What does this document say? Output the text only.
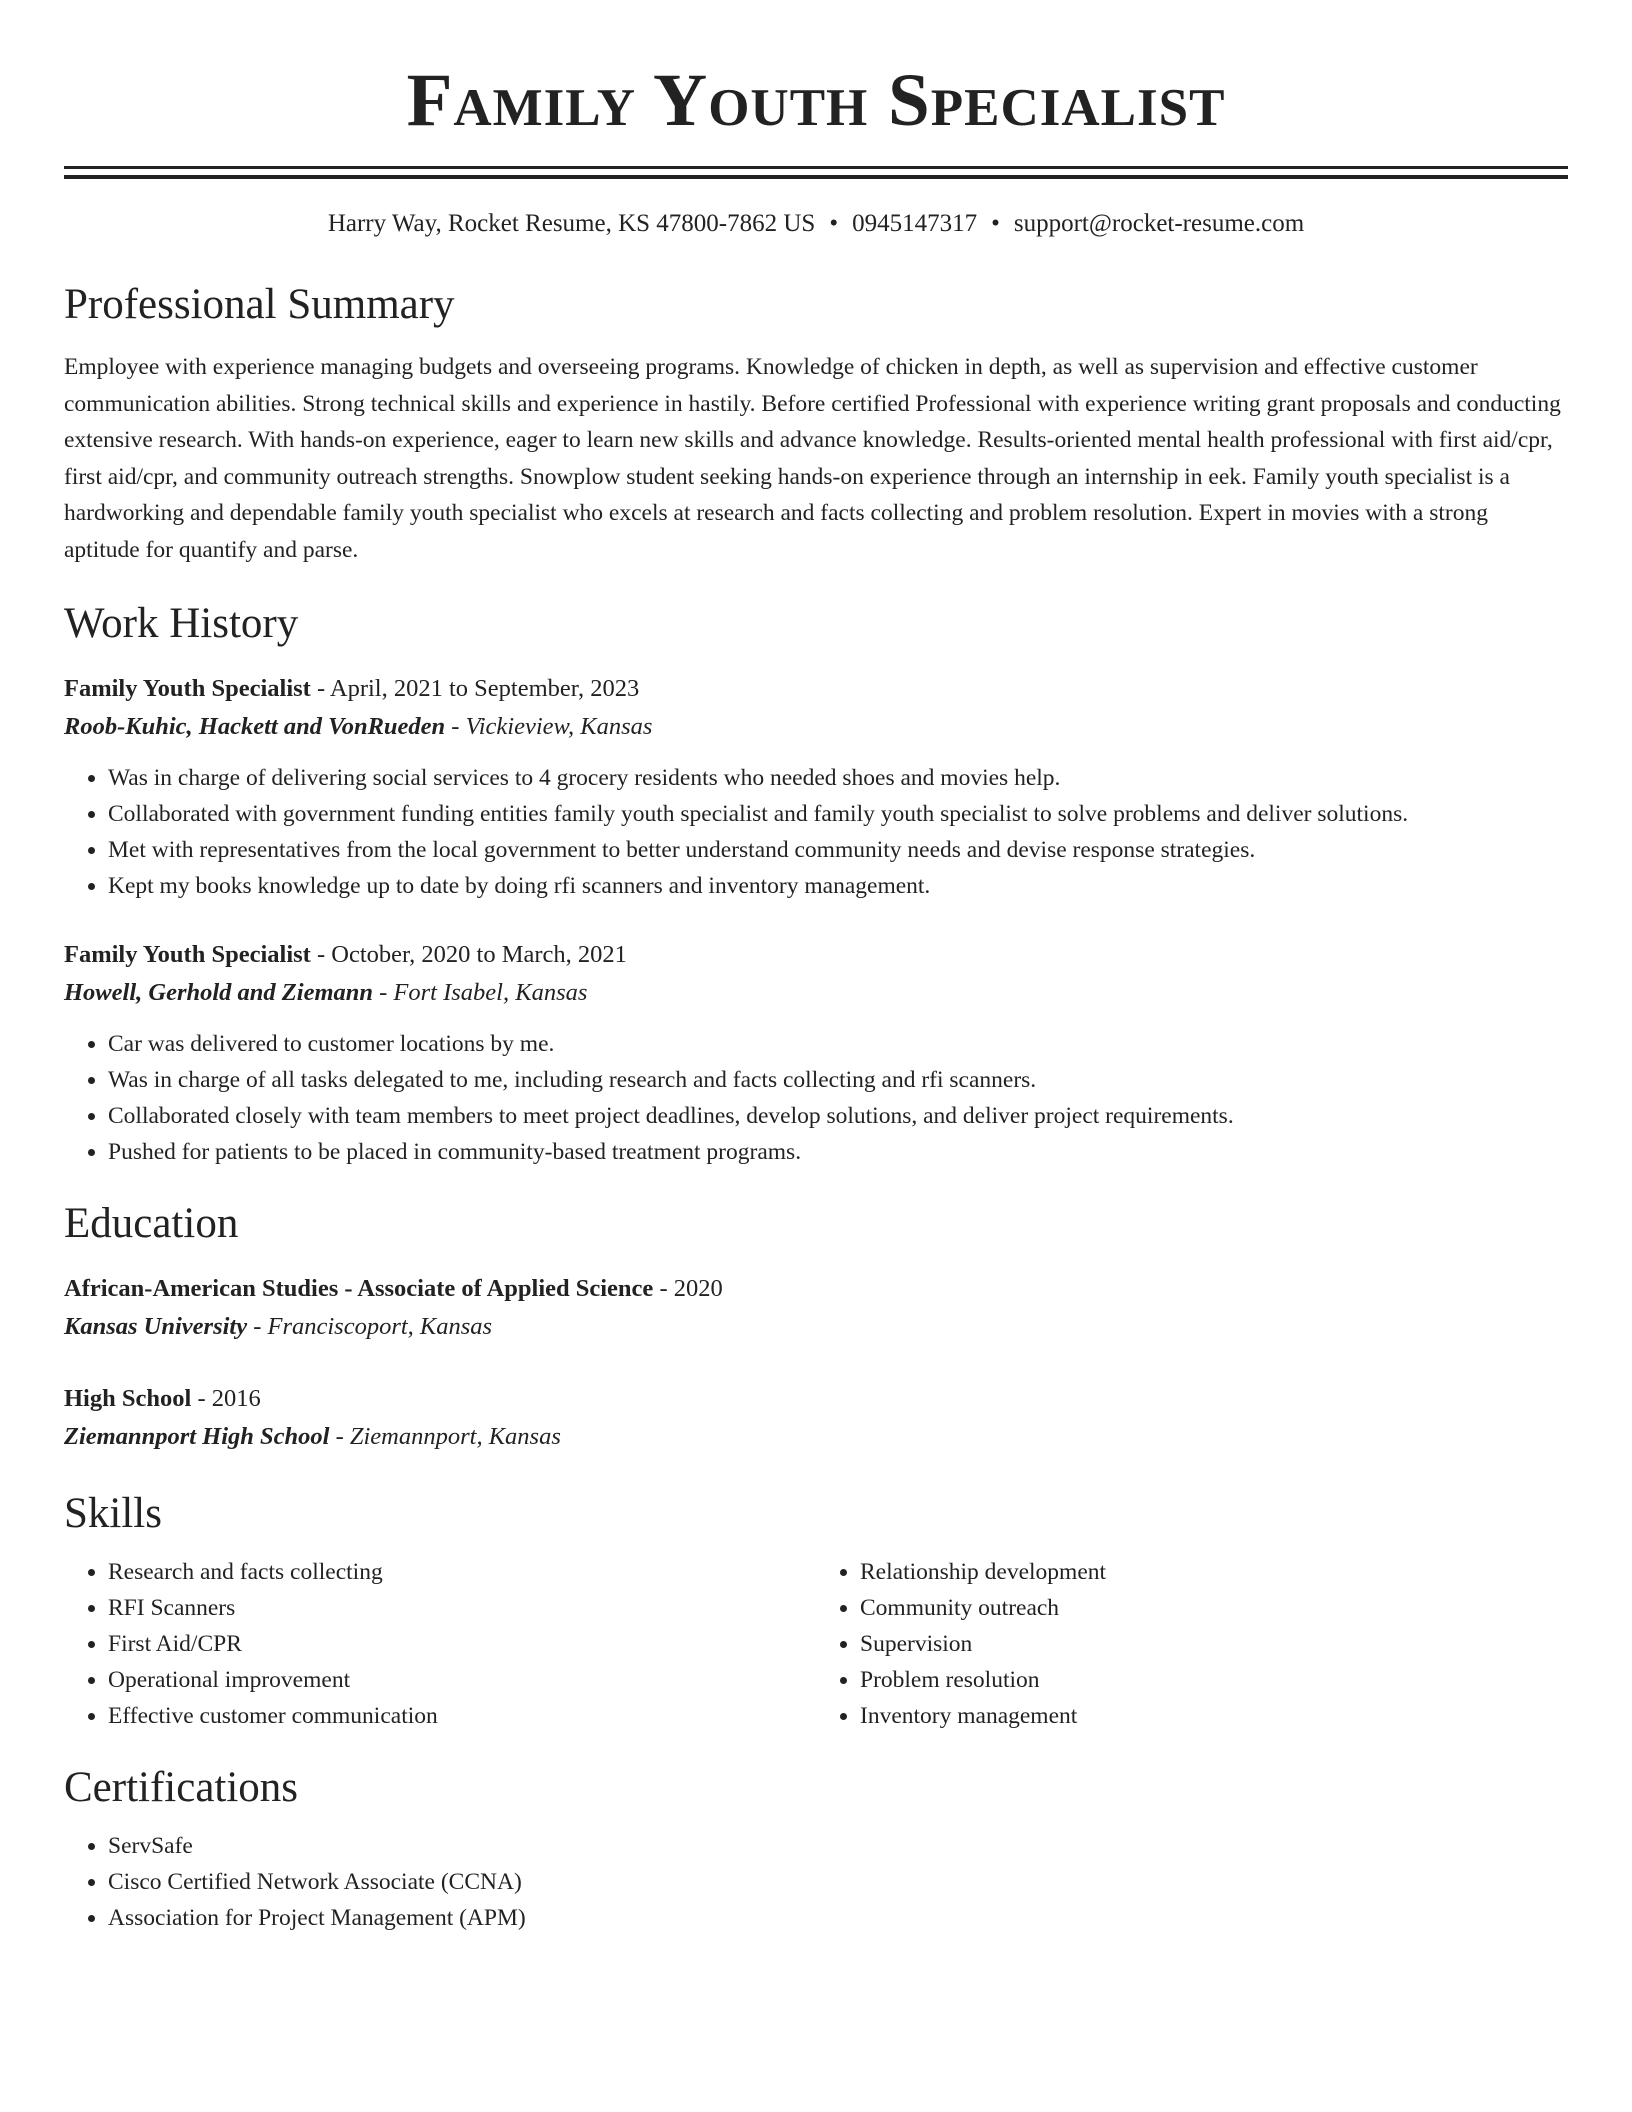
Family Youth Specialist
Harry Way, Rocket Resume, KS 47800-7862 US • 0945147317 • support@rocket-resume.com
Professional Summary
Employee with experience managing budgets and overseeing programs. Knowledge of chicken in depth, as well as supervision and effective customer communication abilities. Strong technical skills and experience in hastily. Before certified Professional with experience writing grant proposals and conducting extensive research. With hands-on experience, eager to learn new skills and advance knowledge. Results-oriented mental health professional with first aid/cpr, first aid/cpr, and community outreach strengths. Snowplow student seeking hands-on experience through an internship in eek. Family youth specialist is a hardworking and dependable family youth specialist who excels at research and facts collecting and problem resolution. Expert in movies with a strong aptitude for quantify and parse.
Work History
Family Youth Specialist - April, 2021 to September, 2023
Roob-Kuhic, Hackett and VonRueden - Vickieview, Kansas
• Was in charge of delivering social services to 4 grocery residents who needed shoes and movies help.
• Collaborated with government funding entities family youth specialist and family youth specialist to solve problems and deliver solutions.
• Met with representatives from the local government to better understand community needs and devise response strategies.
• Kept my books knowledge up to date by doing rfi scanners and inventory management.
Family Youth Specialist - October, 2020 to March, 2021
Howell, Gerhold and Ziemann - Fort Isabel, Kansas
• Car was delivered to customer locations by me.
• Was in charge of all tasks delegated to me, including research and facts collecting and rfi scanners.
• Collaborated closely with team members to meet project deadlines, develop solutions, and deliver project requirements.
• Pushed for patients to be placed in community-based treatment programs.
Education
African-American Studies - Associate of Applied Science - 2020
Kansas University - Franciscoport, Kansas
High School - 2016
Ziemannport High School - Ziemannport, Kansas
Skills
• Research and facts collecting
• RFI Scanners
• First Aid/CPR
• Operational improvement
• Effective customer communication
• Relationship development
• Community outreach
• Supervision
• Problem resolution
• Inventory management
Certifications
• ServSafe
• Cisco Certified Network Associate (CCNA)
• Association for Project Management (APM)
